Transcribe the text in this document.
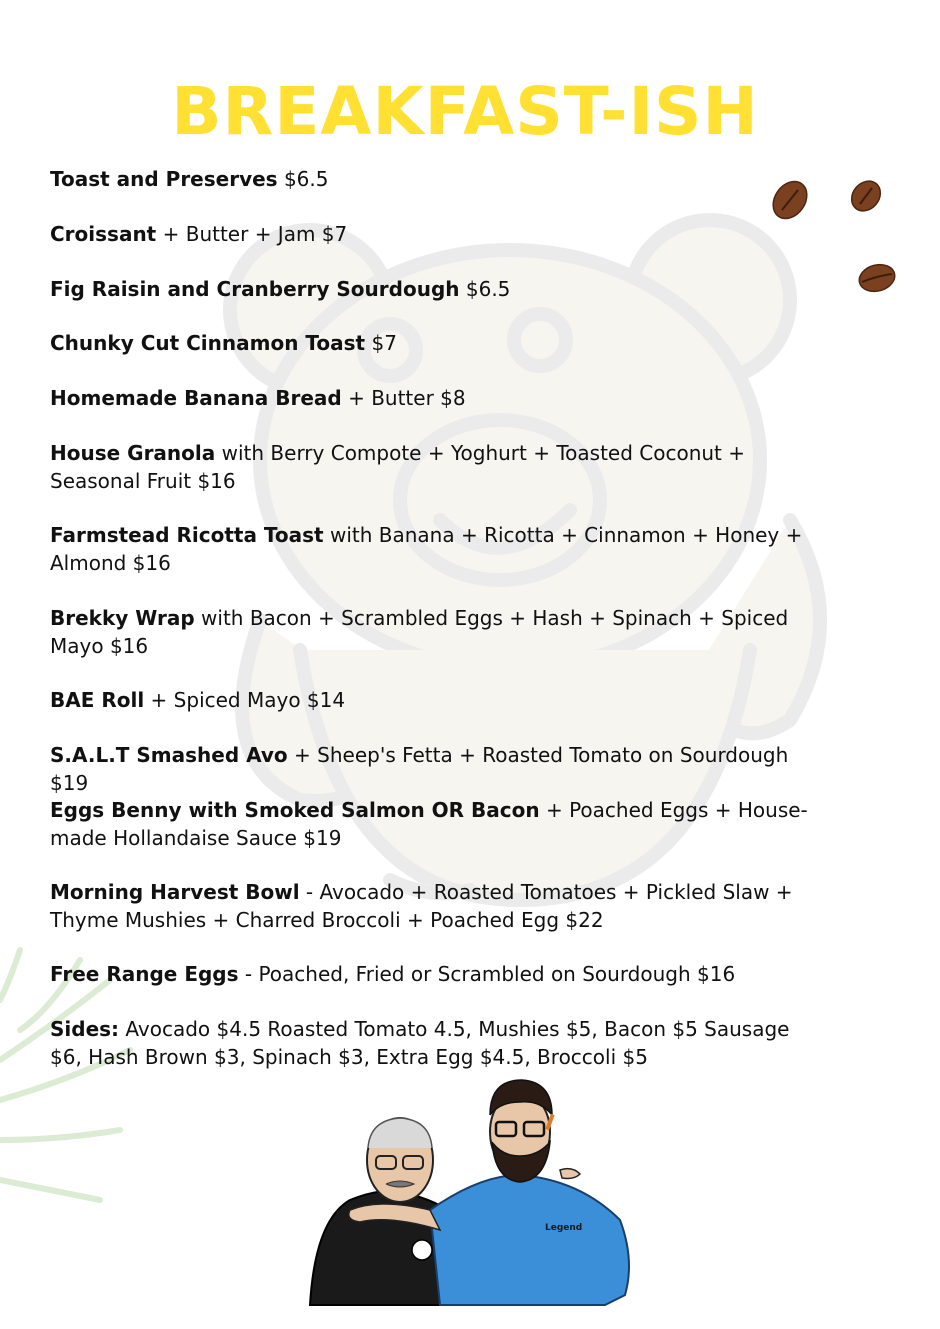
BREAKFAST-ISH
Toast and Preserves $6.5
Croissant + Butter + Jam $7
Fig Raisin and Cranberry Sourdough $6.5
Chunky Cut Cinnamon Toast $7
Homemade Banana Bread + Butter $8
House Granola with Berry Compote + Yoghurt + Toasted Coconut + Seasonal Fruit $16
Farmstead Ricotta Toast with Banana + Ricotta + Cinnamon + Honey + Almond $16
Brekky Wrap with Bacon + Scrambled Eggs + Hash + Spinach + Spiced Mayo $16
BAE Roll + Spiced Mayo $14
S.A.L.T Smashed Avo + Sheep's Fetta + Roasted Tomato on Sourdough $19
Eggs Benny with Smoked Salmon OR Bacon + Poached Eggs + House-made Hollandaise Sauce $19
Morning Harvest Bowl - Avocado + Roasted Tomatoes + Pickled Slaw + Thyme Mushies + Charred Broccoli + Poached Egg $22
Free Range Eggs - Poached, Fried or Scrambled on Sourdough $16
Sides: Avocado $4.5 Roasted Tomato 4.5, Mushies $5, Bacon $5 Sausage $6, Hash Brown $3, Spinach $3, Extra Egg $4.5, Broccoli $5
Legend
